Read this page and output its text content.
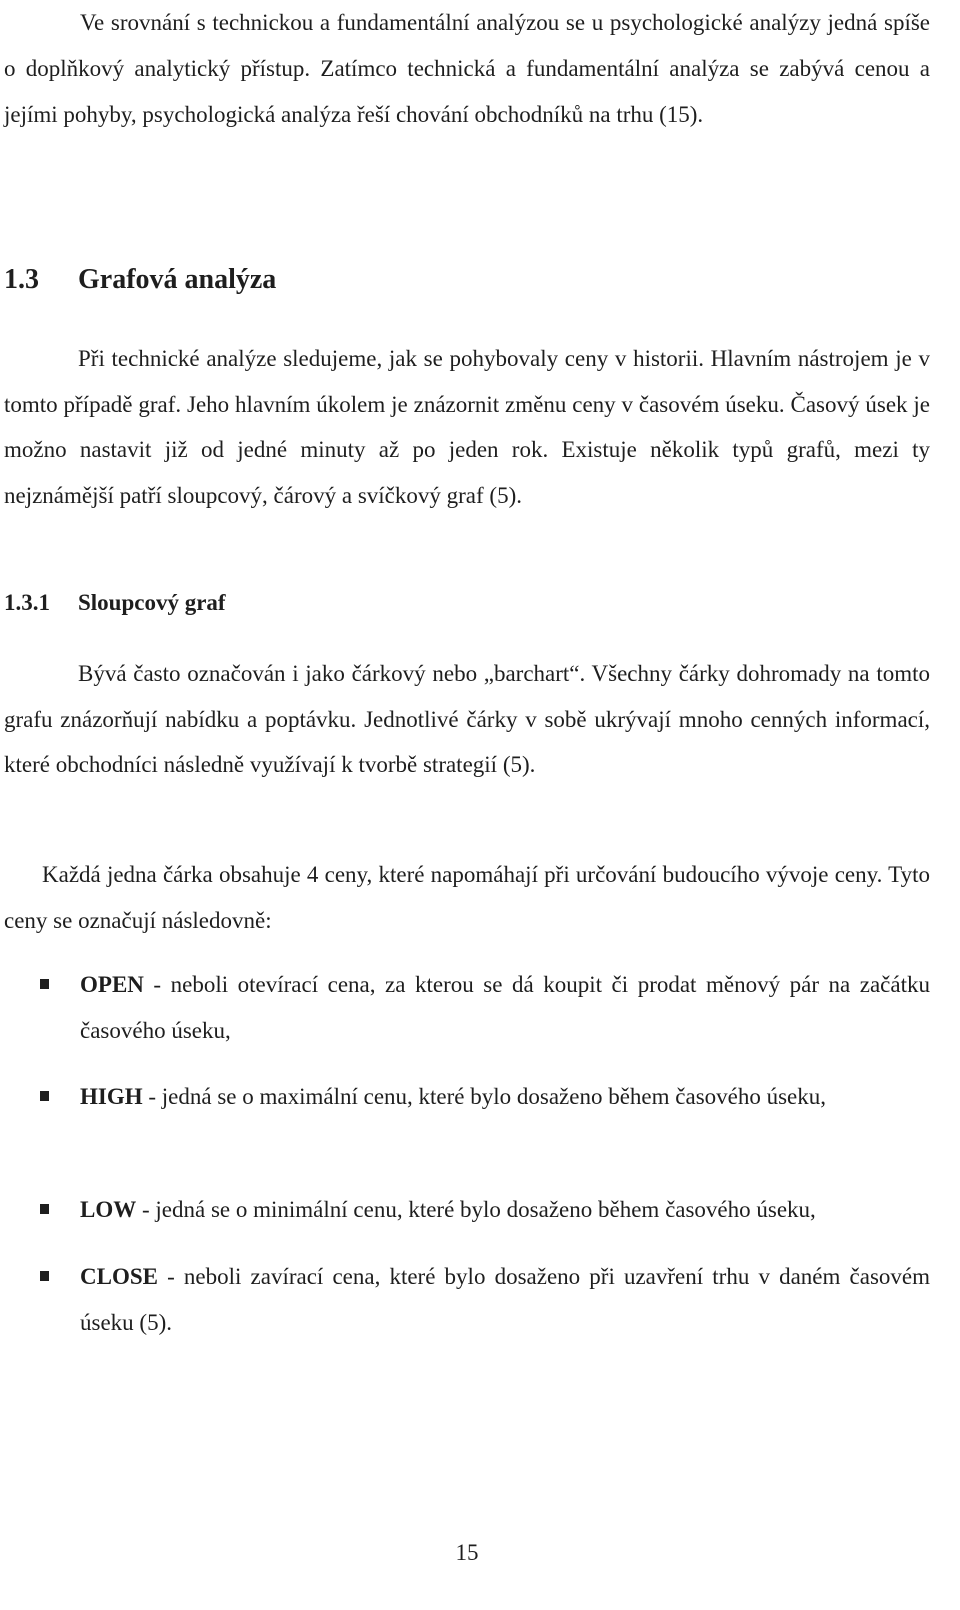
Ve srovnání s technickou a fundamentální analýzou se u psychologické analýzy jedná spíše o doplňkový analytický přístup. Zatímco technická a fundamentální analýza se zabývá cenou a jejími pohyby, psychologická analýza řeší chování obchodníků na trhu (15).

1.3	Grafová analýza

Při technické analýze sledujeme, jak se pohybovaly ceny v historii. Hlavním nástrojem je v tomto případě graf. Jeho hlavním úkolem je znázornit změnu ceny v časovém úseku. Časový úsek je možno nastavit již od jedné minuty až po jeden rok. Existuje několik typů grafů, mezi ty nejznámější patří sloupcový, čárový a svíčkový graf (5).

1.3.1	Sloupcový graf

Bývá často označován i jako čárkový nebo „barchart“. Všechny čárky dohromady na tomto grafu znázorňují nabídku a poptávku. Jednotlivé čárky v sobě ukrývají mnoho cenných informací, které obchodníci následně využívají k tvorbě strategií (5).

Každá jedna čárka obsahuje 4 ceny, které napomáhají při určování budoucího vývoje ceny. Tyto ceny se označují následovně:

OPEN - neboli otevírací cena, za kterou se dá koupit či prodat měnový pár na začátku časového úseku,

HIGH - jedná se o maximální cenu, které bylo dosaženo během časového úseku,

LOW - jedná se o minimální cenu, které bylo dosaženo během časového úseku,

CLOSE - neboli zavírací cena, které bylo dosaženo při uzavření trhu v daném časovém úseku (5).

15
